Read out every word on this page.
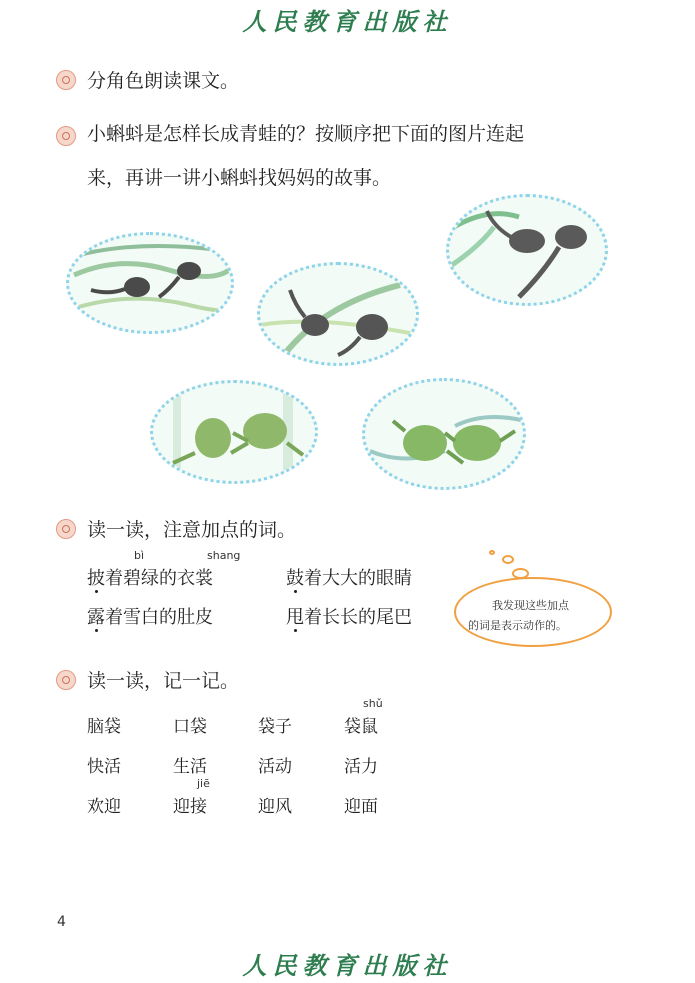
人民教育出版社
分角色朗读课文。
小蝌蚪是怎样长成青蛙的？按顺序把下面的图片连起
来，再讲一讲小蝌蚪找妈妈的故事。
读一读，注意加点的词。
bì	shang
披着碧绿的衣裳	鼓着大大的眼睛
露着雪白的肚皮	甩着长长的尾巴
我发现这些加点
的词是表示动作的。
读一读，记一记。
shǔ
jiē
脑袋	口袋	袋子	袋鼠
快活	生活	活动	活力
欢迎	迎接	迎风	迎面
4
人民教育出版社
